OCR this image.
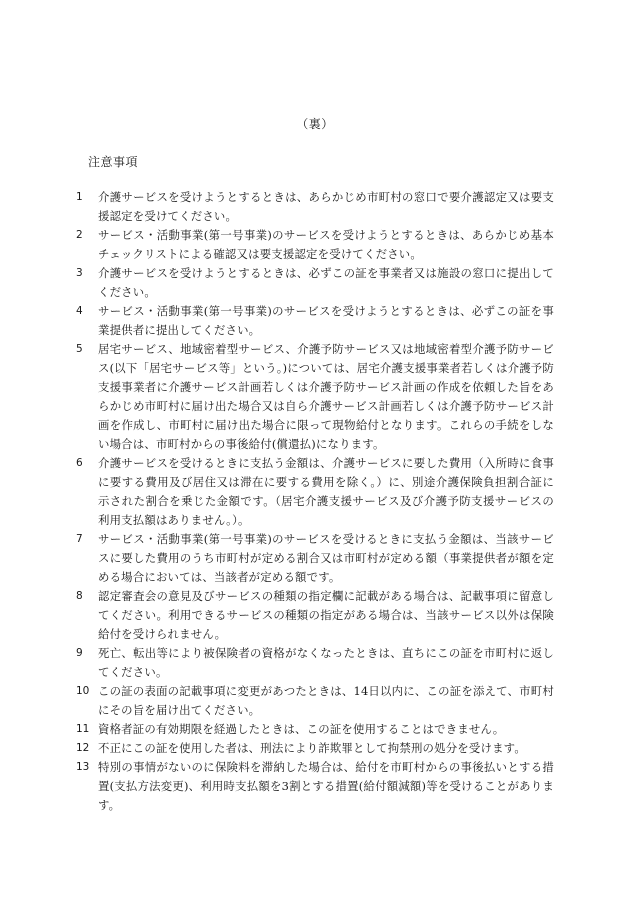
（裏）
注意事項
1	介護サービスを受けようとするときは、あらかじめ市町村の窓口で要介護認定又は要支援認定を受けてください。
2	サービス・活動事業(第一号事業)のサービスを受けようとするときは、あらかじめ基本チェックリストによる確認又は要支援認定を受けてください。
3	介護サービスを受けようとするときは、必ずこの証を事業者又は施設の窓口に提出してください。
4	サービス・活動事業(第一号事業)のサービスを受けようとするときは、必ずこの証を事業提供者に提出してください。
5	居宅サービス、地域密着型サービス、介護予防サービス又は地域密着型介護予防サービス(以下「居宅サービス等」という。)については、居宅介護支援事業者若しくは介護予防支援事業者に介護サービス計画若しくは介護予防サービス計画の作成を依頼した旨をあらかじめ市町村に届け出た場合又は自ら介護サービス計画若しくは介護予防サービス計画を作成し、市町村に届け出た場合に限って現物給付となります。これらの手続をしない場合は、市町村からの事後給付(償還払)になります。
6	介護サービスを受けるときに支払う金額は、介護サービスに要した費用（入所時に食事に要する費用及び居住又は滞在に要する費用を除く。）に、別途介護保険負担割合証に示された割合を乗じた金額です。（居宅介護支援サービス及び介護予防支援サービスの利用支払額はありません。）。
7	サービス・活動事業(第一号事業)のサービスを受けるときに支払う金額は、当該サービスに要した費用のうち市町村が定める割合又は市町村が定める額（事業提供者が額を定める場合においては、当該者が定める額です。
8	認定審査会の意見及びサービスの種類の指定欄に記載がある場合は、記載事項に留意してください。利用できるサービスの種類の指定がある場合は、当該サービス以外は保険給付を受けられません。
9	死亡、転出等により被保険者の資格がなくなったときは、直ちにこの証を市町村に返してください。
10 この証の表面の記載事項に変更があつたときは、14日以内に、この証を添えて、市町村にその旨を届け出てください。
11 資格者証の有効期限を経過したときは、この証を使用することはできません。
12 不正にこの証を使用した者は、刑法により詐欺罪として拘禁刑の処分を受けます。
13 特別の事情がないのに保険料を滞納した場合は、給付を市町村からの事後払いとする措置(支払方法変更)、利用時支払額を3割とする措置(給付額減額)等を受けることがあります。
